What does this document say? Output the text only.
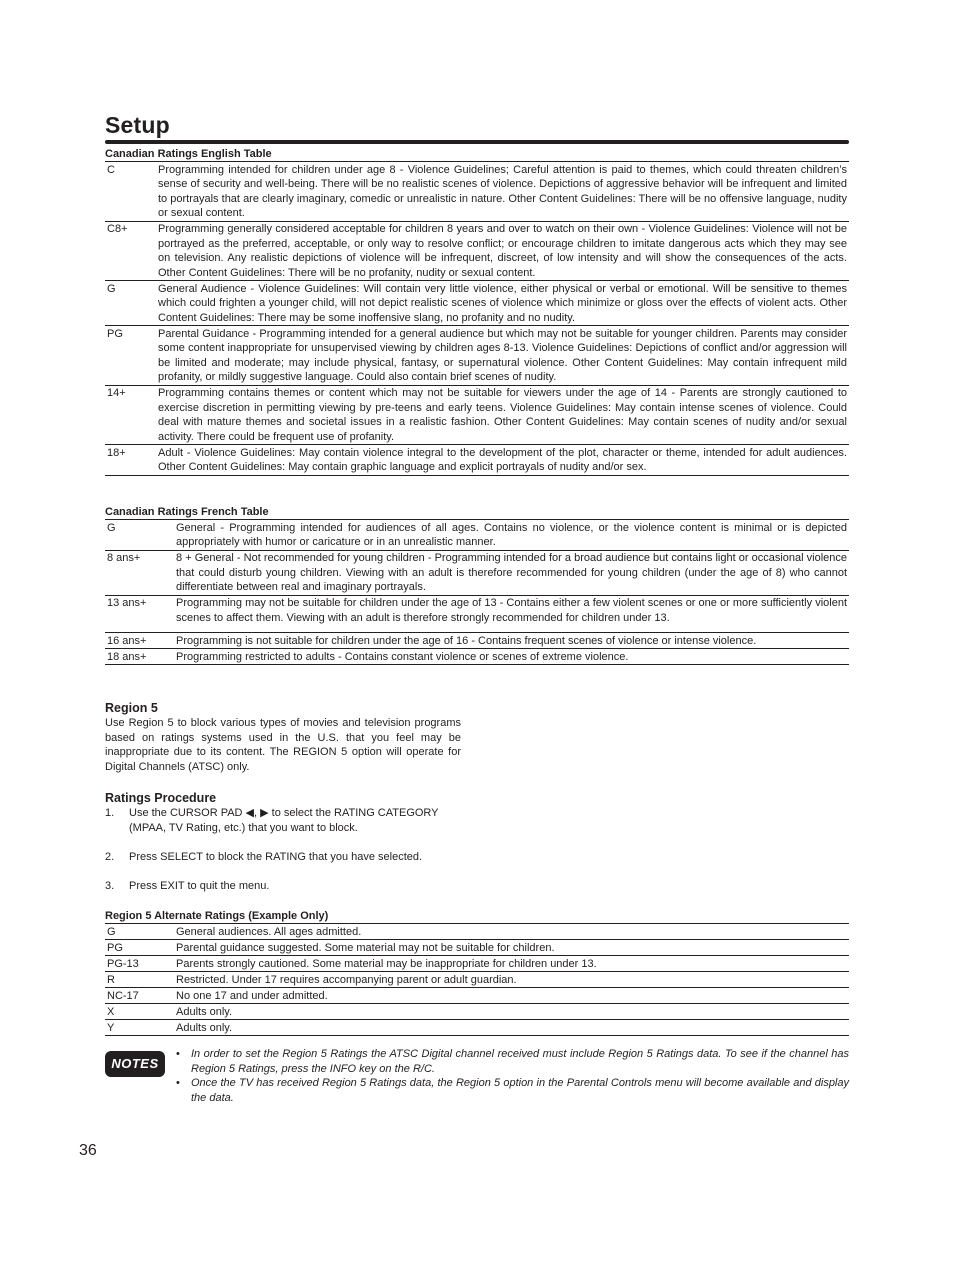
Setup
Canadian Ratings English Table
C	Programming intended for children under age 8 - Violence Guidelines; Careful attention is paid to themes, which could threaten children’s sense of security and well-being. There will be no realistic scenes of violence. Depictions of aggressive behavior will be infrequent and limited to portrayals that are clearly imaginary, comedic or unrealistic in nature. Other Content Guidelines: There will be no offensive language, nudity or sexual content.
C8+	Programming generally considered acceptable for children 8 years and over to watch on their own - Violence Guidelines: Violence will not be portrayed as the preferred, acceptable, or only way to resolve conflict; or encourage children to imitate dangerous acts which they may see on television. Any realistic depictions of violence will be infrequent, discreet, of low intensity and will show the consequences of the acts. Other Content Guidelines: There will be no profanity, nudity or sexual content.
G	General Audience - Violence Guidelines: Will contain very little violence, either physical or verbal or emotional. Will be sensitive to themes which could frighten a younger child, will not depict realistic scenes of violence which minimize or gloss over the effects of violent acts. Other Content Guidelines: There may be some inoffensive slang, no profanity and no nudity.
PG	Parental Guidance - Programming intended for a general audience but which may not be suitable for younger children. Parents may consider some content inappropriate for unsupervised viewing by children ages 8-13. Violence Guidelines: Depictions of conflict and/or aggression will be limited and moderate; may include physical, fantasy, or supernatural violence. Other Content Guidelines: May contain infrequent mild profanity, or mildly suggestive language. Could also contain brief scenes of nudity.
14+	Programming contains themes or content which may not be suitable for viewers under the age of 14 - Parents are strongly cautioned to exercise discretion in permitting viewing by pre-teens and early teens. Violence Guidelines: May contain intense scenes of violence. Could deal with mature themes and societal issues in a realistic fashion. Other Content Guidelines: May contain scenes of nudity and/or sexual activity. There could be frequent use of profanity.
18+	Adult - Violence Guidelines: May contain violence integral to the development of the plot, character or theme, intended for adult audiences. Other Content Guidelines: May contain graphic language and explicit portrayals of nudity and/or sex.
Canadian Ratings French Table
G	General - Programming intended for audiences of all ages. Contains no violence, or the violence content is minimal or is depicted appropriately with humor or caricature or in an unrealistic manner.
8 ans+	8 + General - Not recommended for young children - Programming intended for a broad audience but contains light or occasional violence that could disturb young children. Viewing with an adult is therefore recommended for young children (under the age of 8) who cannot differentiate between real and imaginary portrayals.
13 ans+	Programming may not be suitable for children under the age of 13 - Contains either a few violent scenes or one or more sufficiently violent scenes to affect them. Viewing with an adult is therefore strongly recommended for children under 13.
16 ans+	Programming is not suitable for children under the age of 16 - Contains frequent scenes of violence or intense violence.
18 ans+	Programming restricted to adults - Contains constant violence or scenes of extreme violence.

Region 5

Use Region 5 to block various types of movies and television programs based on ratings systems used in the U.S. that you feel may be inappropriate due to its content. The REGION 5 option will operate for Digital Channels (ATSC) only.

Ratings Procedure

1. Use the CURSOR PAD ◀, ▶ to select the RATING CATEGORY (MPAA, TV Rating, etc.) that you want to block.
2. Press SELECT to block the RATING that you have selected.
3. Press EXIT to quit the menu.
Region 5 Alternate Ratings (Example Only)
G	General audiences. All ages admitted.
PG	Parental guidance suggested. Some material may not be suitable for children.
PG-13	Parents strongly cautioned. Some material may be inappropriate for children under 13.
R	Restricted. Under 17 requires accompanying parent or adult guardian.
NC-17	No one 17 and under admitted.
X	Adults only.
Y	Adults only.
NOTES
• In order to set the Region 5 Ratings the ATSC Digital channel received must include Region 5 Ratings data. To see if the channel has Region 5 Ratings, press the INFO key on the R/C.
• Once the TV has received Region 5 Ratings data, the Region 5 option in the Parental Controls menu will become available and display the data.
36
